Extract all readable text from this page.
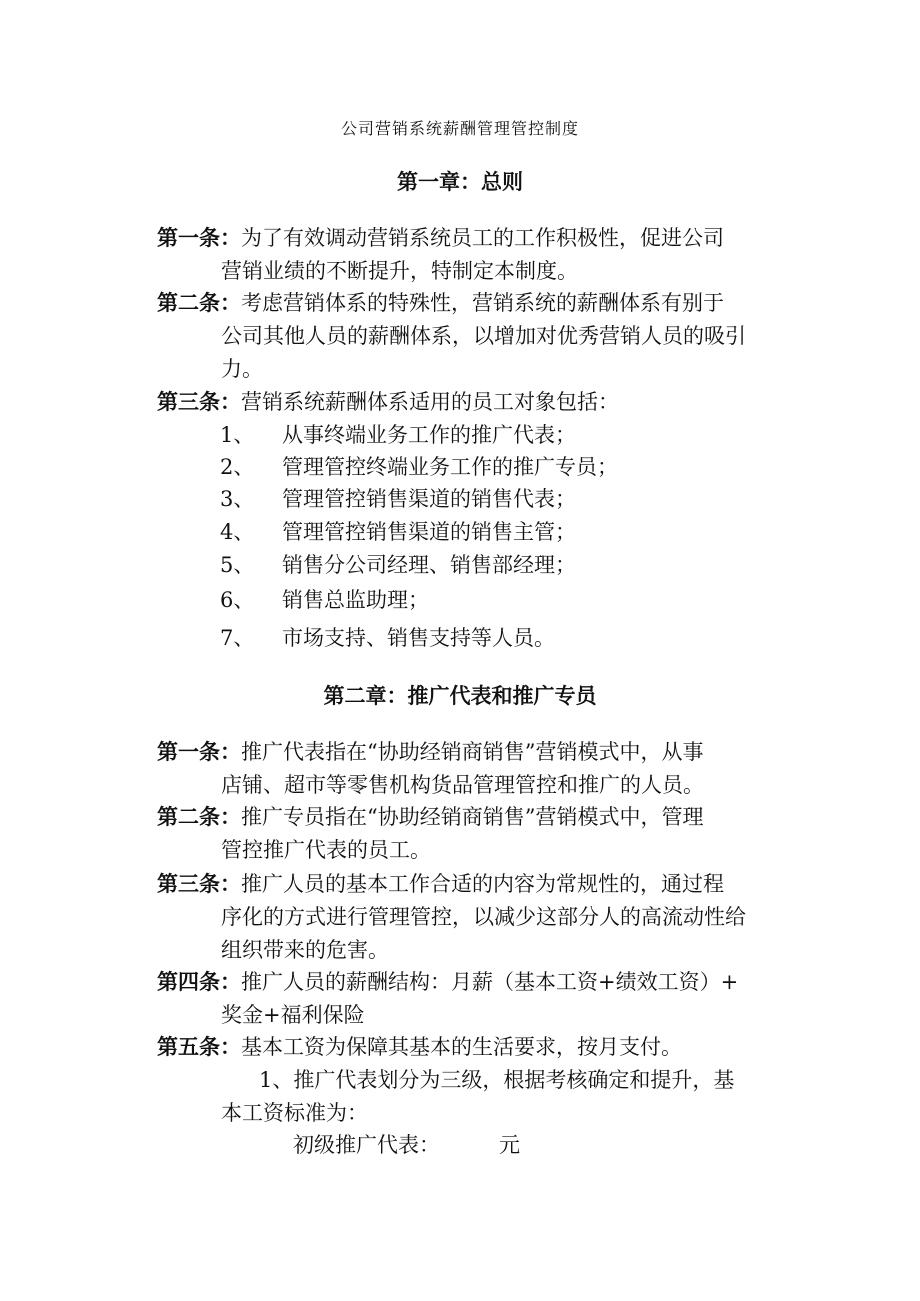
公司营销系统薪酬管理管控制度
第一章：总则
第一条：为了有效调动营销系统员工的工作积极性，促进公司
营销业绩的不断提升，特制定本制度。
第二条：考虑营销体系的特殊性，营销系统的薪酬体系有别于
公司其他人员的薪酬体系，以增加对优秀营销人员的吸引
力。
第三条：营销系统薪酬体系适用的员工对象包括：
1、 从事终端业务工作的推广代表；
2、 管理管控终端业务工作的推广专员；
3、 管理管控销售渠道的销售代表；
4、 管理管控销售渠道的销售主管；
5、 销售分公司经理、销售部经理；
6、 销售总监助理；
7、 市场支持、销售支持等人员。
第二章：推广代表和推广专员
第一条：推广代表指在“协助经销商销售”营销模式中，从事
店铺、超市等零售机构货品管理管控和推广的人员。
第二条：推广专员指在“协助经销商销售”营销模式中，管理
管控推广代表的员工。
第三条：推广人员的基本工作合适的内容为常规性的，通过程
序化的方式进行管理管控，以减少这部分人的高流动性给
组织带来的危害。
第四条：推广人员的薪酬结构：月薪（基本工资+绩效工资）+
奖金+福利保险
第五条：基本工资为保障其基本的生活要求，按月支付。
1、推广代表划分为三级，根据考核确定和提升，基
本工资标准为：
初级推广代表：	元
